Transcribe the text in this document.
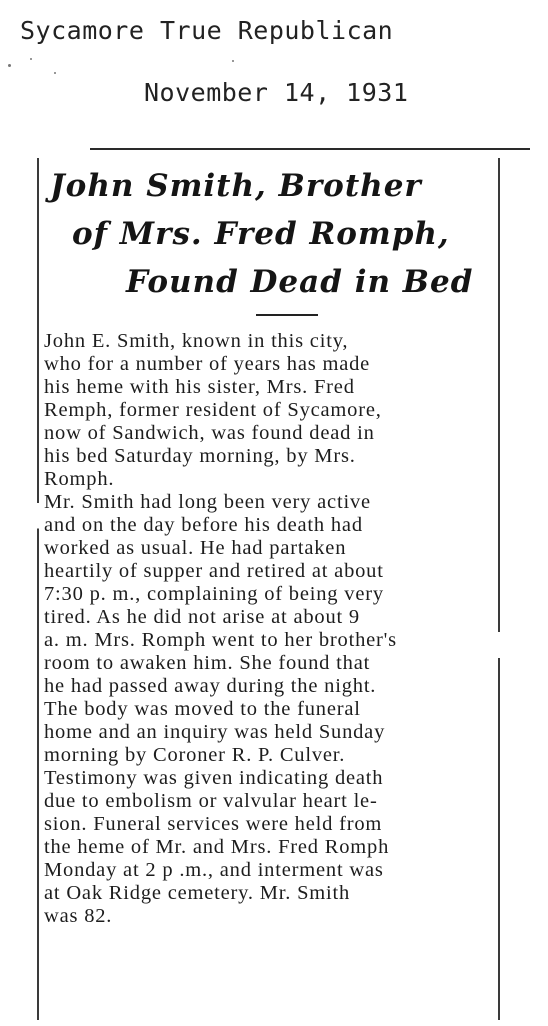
Sycamore True Republican
November 14, 1931
John Smith, Brother
of Mrs. Fred Romph,
Found Dead in Bed

John E. Smith, known in this city,
who for a number of years has made
his heme with his sister, Mrs. Fred
Remph, former resident of Sycamore,
now of Sandwich, was found dead in
his bed Saturday morning, by Mrs.
Romph.

Mr. Smith had long been very active
and on the day before his death had
worked as usual. He had partaken
heartily of supper and retired at about
7:30 p. m., complaining of being very
tired. As he did not arise at about 9
a. m. Mrs. Romph went to her brother's
room to awaken him. She found that
he had passed away during the night.
The body was moved to the funeral
home and an inquiry was held Sunday
morning by Coroner R. P. Culver.
Testimony was given indicating death
due to embolism or valvular heart le-
sion. Funeral services were held from
the heme of Mr. and Mrs. Fred Romph
Monday at 2 p .m., and interment was
at Oak Ridge cemetery. Mr. Smith
was 82.
